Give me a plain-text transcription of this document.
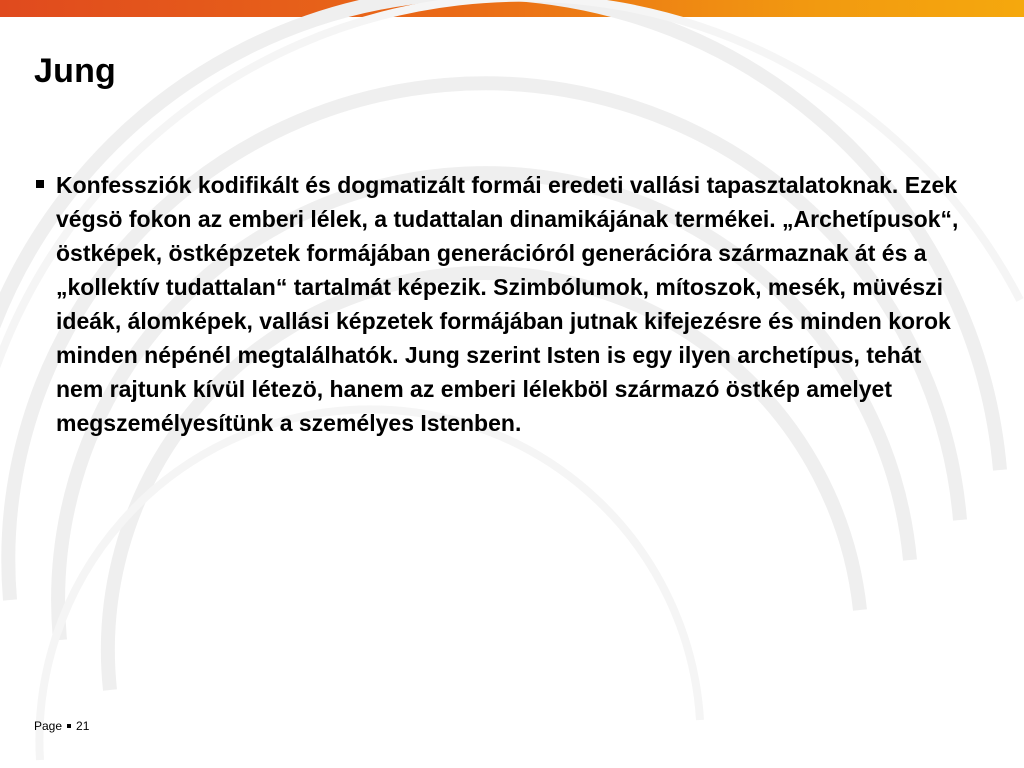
Jung
Konfessziók kodifikált és dogmatizált formái eredeti vallási tapasztalatoknak. Ezek végsö fokon az emberi lélek, a tudattalan dinamikájának termékei. „Archetípusok“, östképek, östképzetek formájában generációról generációra származnak át és a „kollektív tudattalan“ tartalmát képezik. Szimbólumok, mítoszok, mesék, müvészi ideák, álomképek, vallási képzetek formájában jutnak kifejezésre és minden korok minden népénél megtalálhatók. Jung szerint Isten is egy ilyen archetípus, tehát nem rajtunk kívül létezö, hanem az emberi lélekböl származó östkép amelyet megszemélyesítünk a személyes Istenben.
Page 21
